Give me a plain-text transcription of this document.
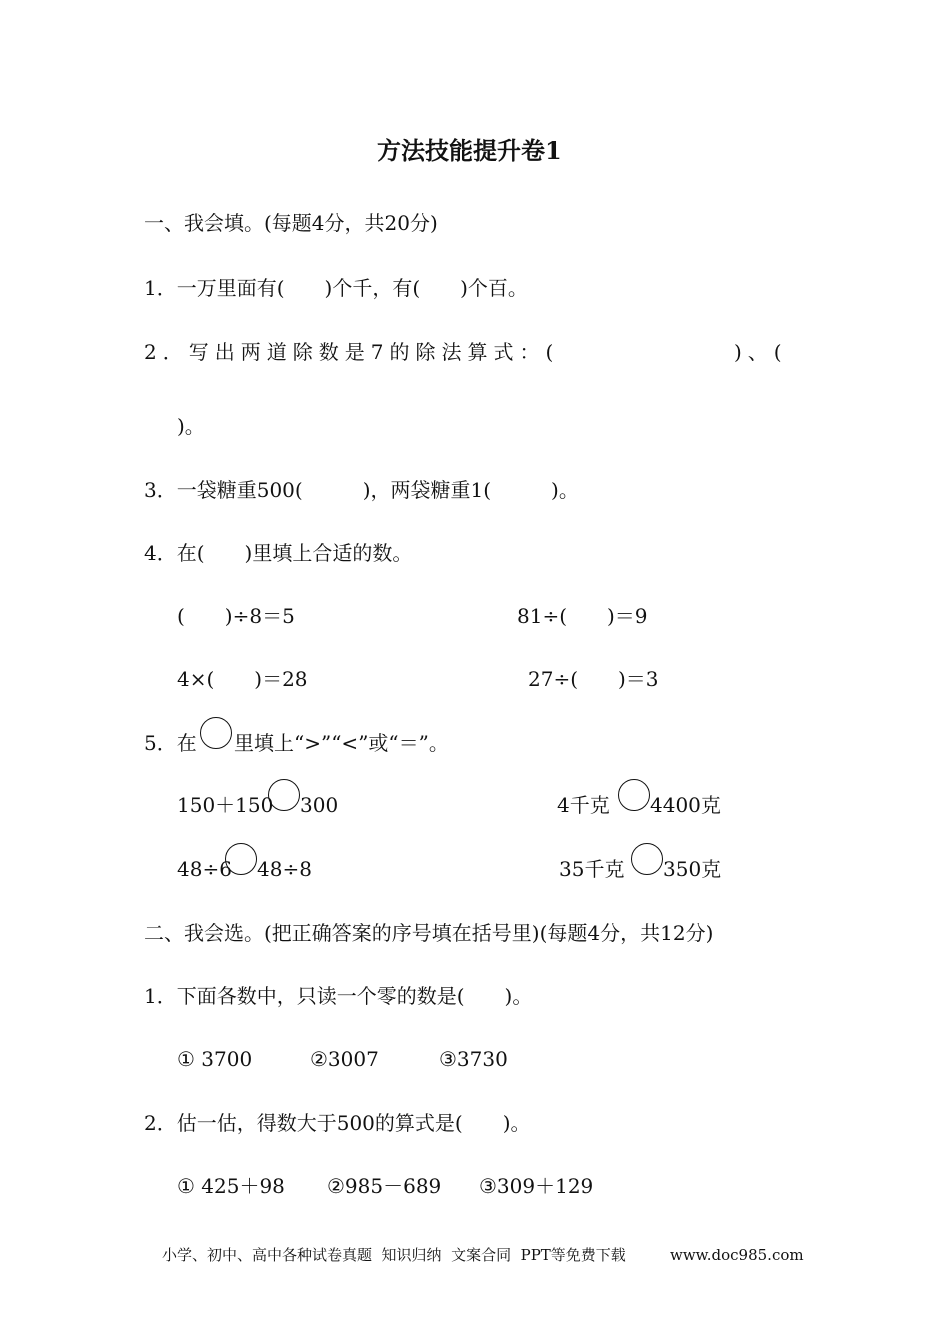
方法技能提升卷1
一、我会填。(每题4分，共20分)
1．一万里面有(　　)个千，有(　　)个百。
2．写出两道除数是7的除法算式：(	)、(
)。
3．一袋糖重500(　　　)，两袋糖重1(　　　)。
4．在(　　)里填上合适的数。
(　　)÷8＝5	81÷(　　)＝9
4×(　　)＝28	27÷(　　)＝3
5．在 里填上“>”“<”或“＝”。
150＋150 300	4千克 4400克
48÷6 48÷8	35千克 350克
二、我会选。(把正确答案的序号填在括号里)(每题4分，共12分)
1．下面各数中，只读一个零的数是(　　)。
① 3700	②3007	③3730
2．估一估，得数大于500的算式是(　　)。
① 425＋98 ②985－689 ③309＋129
小学、初中、高中各种试卷真题  知识归纳  文案合同  PPT等免费下载	www.doc985.com
